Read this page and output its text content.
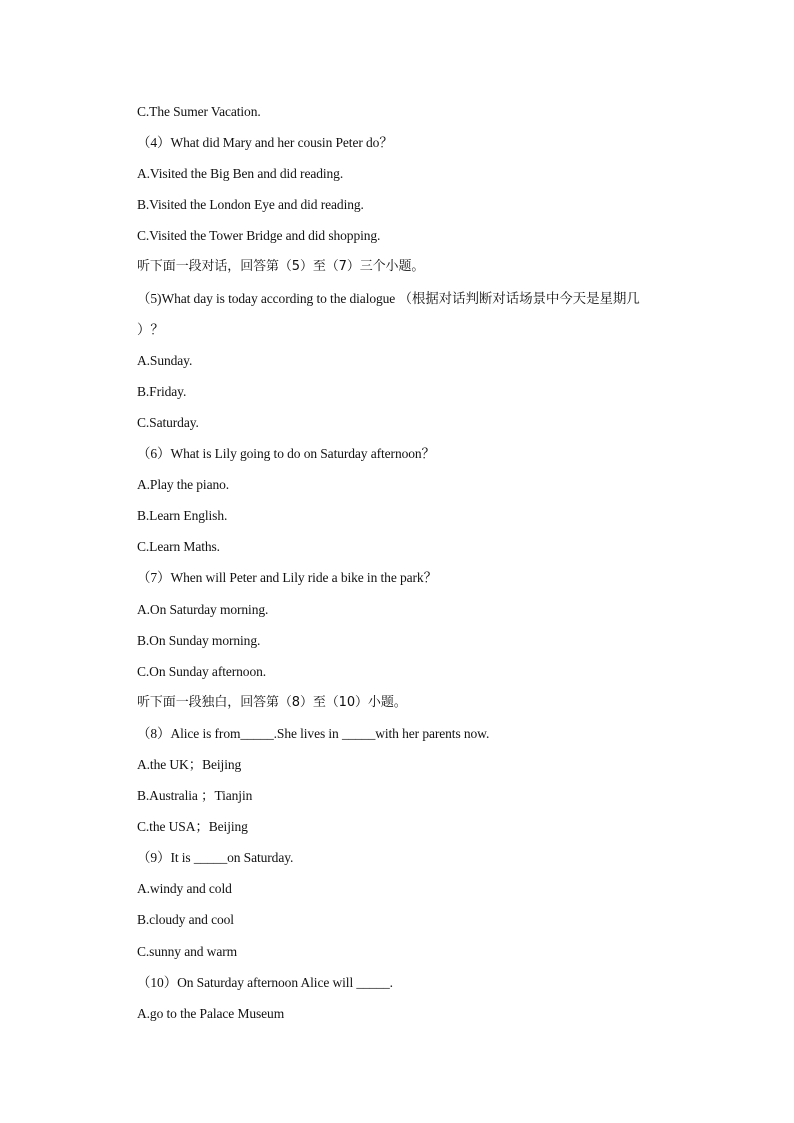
C.The Sumer Vacation.
（4）What did Mary and her cousin Peter do？
A.Visited the Big Ben and did reading.
B.Visited the London Eye and did reading.
C.Visited the Tower Bridge and did shopping.
听下面一段对话，回答第（5）至（7）三个小题。
（5)What day is today according to the dialogue （根据对话判断对话场景中今天是星期几
）？
A.Sunday.
B.Friday.
C.Saturday.
（6）What is Lily going to do on Saturday afternoon？
A.Play the piano.
B.Learn English.
C.Learn Maths.
（7）When will Peter and Lily ride a bike in the park？
A.On Saturday morning.
B.On Sunday morning.
C.On Sunday afternoon.
听下面一段独白，回答第（8）至（10）小题。
（8）Alice is from_____.She lives in _____with her parents now.
A.the UK；Beijing
B.Australia ；Tianjin
C.the USA；Beijing
（9）It is _____on Saturday.
A.windy and cold
B.cloudy and cool
C.sunny and warm
（10）On Saturday afternoon Alice will _____.
A.go to the Palace Museum
